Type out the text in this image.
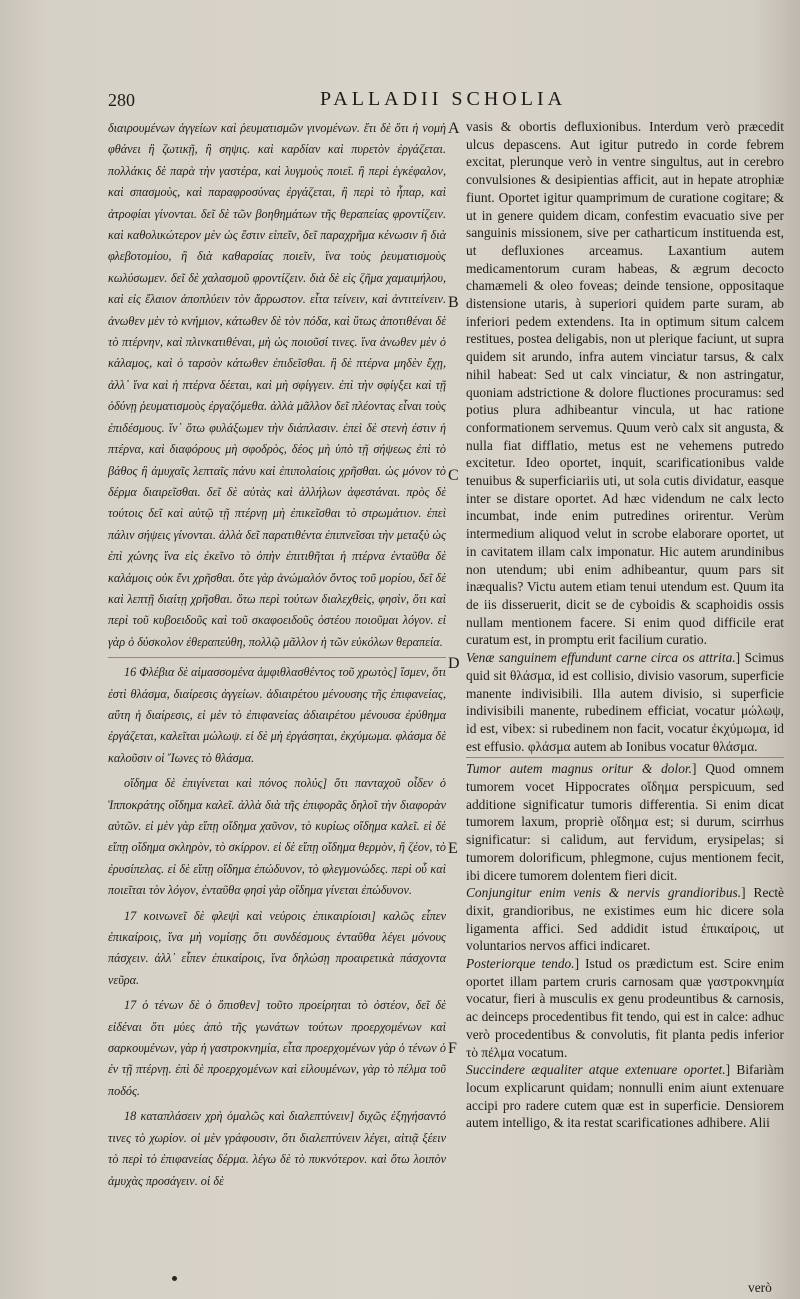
280	PALLADII SCHOLIA

διαιρουμένων ἀγγείων καὶ ῥευματισμῶν γινομένων. ἔτι δὲ ὅτι ἡ νομὴ φθάνει ἢ ζωτικῇ, ἢ σηψις. καὶ καρδίαν καὶ πυρετὸν ἐργάζεται. πολλάκις δὲ παρὰ τὴν γαστέρα, καὶ λυγμοὺς ποιεῖ. ἢ περὶ ἐγκέφαλον, καὶ σπασμοὺς, καὶ παραφροσύνας ἐργάζεται, ἢ περὶ τὸ ἧπαρ, καὶ ἀτροφίαι γίνονται. δεῖ δὲ τῶν βοηθημάτων τῆς θεραπείας φροντίζειν. καὶ καθολικώτερον μὲν ὡς ἔστιν εἰπεῖν, δεῖ παραχρῆμα κένωσιν ἢ διὰ φλεβοτομίου, ἢ διὰ καθαρσίας ποιεῖν, ἵνα τοὺς ῥευματισμοὺς κωλύσωμεν. δεῖ δὲ χαλασμοῦ φροντίζειν. διὰ δὲ εἰς ζῆμα χαμαιμήλου, καὶ εἰς ἔλαιον ἀποπλύειν τὸν ἄρρωστον. εἶτα τείνειν, καὶ ἀντιτείνειν. ἀνωθεν μὲν τὸ κνήμιον, κάτωθεν δὲ τὸν πόδα, καὶ ὕτως ἀποτιθέναι δὲ τὸ πτέρνην, καὶ πλινκατιθέναι, μὴ ὡς ποιοῦσί τινες. ἵνα ἀνωθεν μὲν ὁ κάλαμος, καὶ ὁ ταρσὸν κάτωθεν ἐπιδεῖσθαι. ἢ δὲ πτέρνα μηδὲν ἔχῃ, ἀλλ᾽ ἵνα καὶ ἡ πτέρνα δέεται, καὶ μὴ σφίγγειν. ἐπὶ τὴν σφίγξει καὶ τῇ ὀδύνῃ ῥευματισμοὺς ἐργαζόμεθα. ἀλλὰ μᾶλλον δεῖ πλέοντας εἶναι τοὺς ἐπιδέσμους. ἵν᾽ ὅτω φυλάξωμεν τὴν διάπλασιν. ἐπεὶ δὲ στενὴ ἐστιν ἡ πτέρνα, καὶ διαφόρους μὴ σφοδρὸς, δέος μὴ ὑπὸ τῇ σήψεως ἐπὶ τὸ βάθος ἢ ἀμυχαῖς λεπταῖς πάνυ καὶ ἐπιπολαίοις χρῆσθαι. ὡς μόνον τὸ δέρμα διαιρεῖσθαι. δεῖ δὲ αὐτὰς καὶ ἀλλήλων ἀφεστάναι. πρὸς δὲ τούτοις δεῖ καὶ αὐτῷ τῇ πτέρνῃ μὴ ἐπικεῖσθαι τὸ στρωμάτιον. ἐπεὶ πάλιν σήψεις γίνονται. ἀλλὰ δεῖ παρατιθέντα ἐπιπνεῖσαι τὴν μεταξὺ ὡς ἐπὶ χώνης ἵνα εἰς ἐκεῖνο τὸ ὀπὴν ἐπιτιθῆται ἡ πτέρνα ἐνταῦθα δὲ καλάμοις οὐκ ἔνι χρῆσθαι. ὅτε γὰρ ἀνώμαλόν ὄντος τοῦ μορίου, δεῖ δὲ καὶ λεπτῇ διαίτῃ χρῆσθαι. ὅτω περὶ τούτων διαλεχθεὶς, φησὶν, ὅτι καὶ περὶ τοῦ κυβοειδοῦς καὶ τοῦ σκαφοειδοῦς ὀστέου ποιοῦμαι λόγον. εἰ γὰρ ὁ δύσκολον ἐθεραπεύθη, πολλῷ μᾶλλον ἡ τῶν εὐκόλων θεραπεία.

16 Φλέβια δὲ αἱμασσομένα ἀμφιθλασθέντος τοῦ χρωτὸς] ἴσμεν, ὅτι ἐστὶ θλάσμα, διαίρεσις ἀγγείων. ἀδιαιρέτου μένουσης τῆς ἐπιφανείας, αὕτη ἡ διαίρεσις, εἰ μὲν τὸ ἐπιφανείας ἀδιαιρέτου μένουσα ἐρύθημα ἐργάζεται, καλεῖται μώλωψ. εἰ δὲ μὴ ἐργάσηται, ἐκχύμωμα. φλάσμα δὲ καλοῦσιν οἱ Ἴωνες τὸ θλάσμα.

οἴδημα δὲ ἐπιγίνεται καὶ πόνος πολύς] ὅτι πανταχοῦ οἶδεν ὁ Ἱπποκράτης οἴδημα καλεῖ. ἀλλὰ διὰ τῆς ἐπιφορᾶς δηλοῖ τὴν διαφορὰν αὐτῶν. εἰ μὲν γὰρ εἴπῃ οἴδημα χαῦνον, τὸ κυρίως οἴδημα καλεῖ. εἰ δὲ εἴπῃ οἴδημα σκληρὸν, τὸ σκίρρον. εἰ δὲ εἴπῃ οἴδημα θερμὸν, ἢ ζέον, τὸ ἐρυσίπελας. εἰ δὲ εἴπῃ οἴδημα ἐπώδυνον, τὸ φλεγμονώδες. περὶ οὗ καὶ ποιεῖται τὸν λόγον, ἐνταῦθα φησὶ γὰρ οἴδημα γίνεται ἐπώδυνον.

17 κοινωνεῖ δὲ φλεψὶ καὶ νεύροις ἐπικαιρίοισι] καλῶς εἶπεν ἐπικαίροις, ἵνα μὴ νομίσῃς ὅτι συνδέσμους ἐνταῦθα λέγει μόνους πάσχειν. ἀλλ᾽ εἶπεν ἐπικαίροις, ἵνα δηλώσῃ προαιρετικὰ πάσχοντα νεῦρα.

17 ὁ τένων δὲ ὁ ὄπισθεν] τοῦτο προείρηται τὸ ὀστέον, δεῖ δὲ εἰδέναι ὅτι μύες ἀπὸ τῆς γωνάτων τούτων προερχομένων καὶ σαρκουμένων, γὰρ ἡ γαστροκνημία, εἶτα προερχομένων γὰρ ὁ τένων ὁ ἐν τῇ πτέρνῃ. ἐπὶ δὲ προερχομένων καὶ εἰλουμένων, γὰρ τὸ πέλμα τοῦ ποδός.

18 καταπλάσειν χρὴ ὁμαλῶς καὶ διαλεπτύνειν] διχῶς ἐξηγήσαντό τινες τὸ χωρίον. οἱ μὲν γράφουσιν, ὅτι διαλεπτύνειν λέγει, αἰτιᾷ ξέειν τὸ περὶ τὸ ἐπιφανείας δέρμα. λέγω δὲ τὸ πυκνότερον. καὶ ὅτω λοιπὸν ἀμυχὰς προσάγειν. οἱ δὲ

A
B
C
D
E
F

vasis & obortis defluxionibus. Interdum verò præcedit ulcus depascens. Aut igitur putredo in corde febrem excitat, plerunque verò in ventre singultus, aut in cerebro convulsiones & desipientias afficit, aut in hepate atrophiæ fiunt. Oportet igitur quamprimum de curatione cogitare; & ut in genere quidem dicam, confestim evacuatio sive per sanguinis missionem, sive per catharticum instituenda est, ut defluxiones arceamus. Laxantium autem medicamentorum curam habeas, & ægrum decocto chamæmeli & oleo foveas; deinde tensione, oppositaque distensione utaris, à superiori quidem parte suram, ab inferiori pedem extendens. Ita in optimum situm calcem restitues, postea deligabis, non ut plerique faciunt, ut supra quidem sit arundo, infra autem vinciatur tarsus, & calx nihil habeat: Sed ut calx vinciatur, & non astringatur, quoniam adstrictione & dolore fluctiones procuramus: sed potius plura adhibeantur vincula, ut hac ratione conformationem servemus. Quum verò calx sit angusta, & nulla fiat difflatio, metus est ne vehemens putredo excitetur. Ideo oportet, inquit, scarificationibus valde tenuibus & superficiariis uti, ut sola cutis dividatur, easque inter se distare oportet. Ad hæc videndum ne calx lecto incumbat, inde enim putredines orirentur. Verùm intermedium aliquod velut in scrobe elaborare oportet, ut in cavitatem illam calx imponatur. Hic autem arundinibus non utendum; ubi enim adhibeantur, quum pars sit inæqualis? Victu autem etiam tenui utendum est. Quum ita de iis disseruerit, dicit se de cyboidis & scaphoidis ossis nullam mentionem facere. Si enim quod difficile erat curatum est, in promptu erit facilium curatio.

Venæ sanguinem effundunt carne circa os attrita.] Scimus quid sit θλάσμα, id est collisio, divisio vasorum, superficie manente indivisibili. Illa autem divisio, si superficie indivisibili manente, rubedinem efficiat, vocatur μώλωψ, id est, vibex: si rubedinem non facit, vocatur ἐκχύμωμα, id est effusio. φλάσμα autem ab Ionibus vocatur θλάσμα.

Tumor autem magnus oritur & dolor.] Quod omnem tumorem vocet Hippocrates οἴδημα perspicuum, sed additione significatur tumoris differentia. Si enim dicat tumorem laxum, propriè οἴδημα est; si durum, scirrhus significatur: si calidum, aut fervidum, erysipelas; si tumorem dolorificum, phlegmone, cujus mentionem fecit, ibi dicere tumorem dolentem fieri dicit.

Conjungitur enim venis & nervis grandioribus.] Rectè dixit, grandioribus, ne existimes eum hic dicere sola ligamenta affici. Sed addidit istud ἐπικαίροις, ut voluntarios nervos affici indicaret.

Posteriorque tendo.] Istud os prædictum est. Scire enim oportet illam partem cruris carnosam quæ γαστροκνημία vocatur, fieri à musculis ex genu prodeuntibus & carnosis, ac deinceps procedentibus fit tendo, qui est in calce: adhuc verò procedentibus & convolutis, fit planta pedis inferior τὸ πέλμα vocatum.

Succindere æqualiter atque extenuare oportet.] Bifariàm locum explicarunt quidam; nonnulli enim aiunt extenuare accipi pro radere cutem quæ est in superficie. Densiorem autem intelligo, & ita restat scarificationes adhibere. Alii

verò
